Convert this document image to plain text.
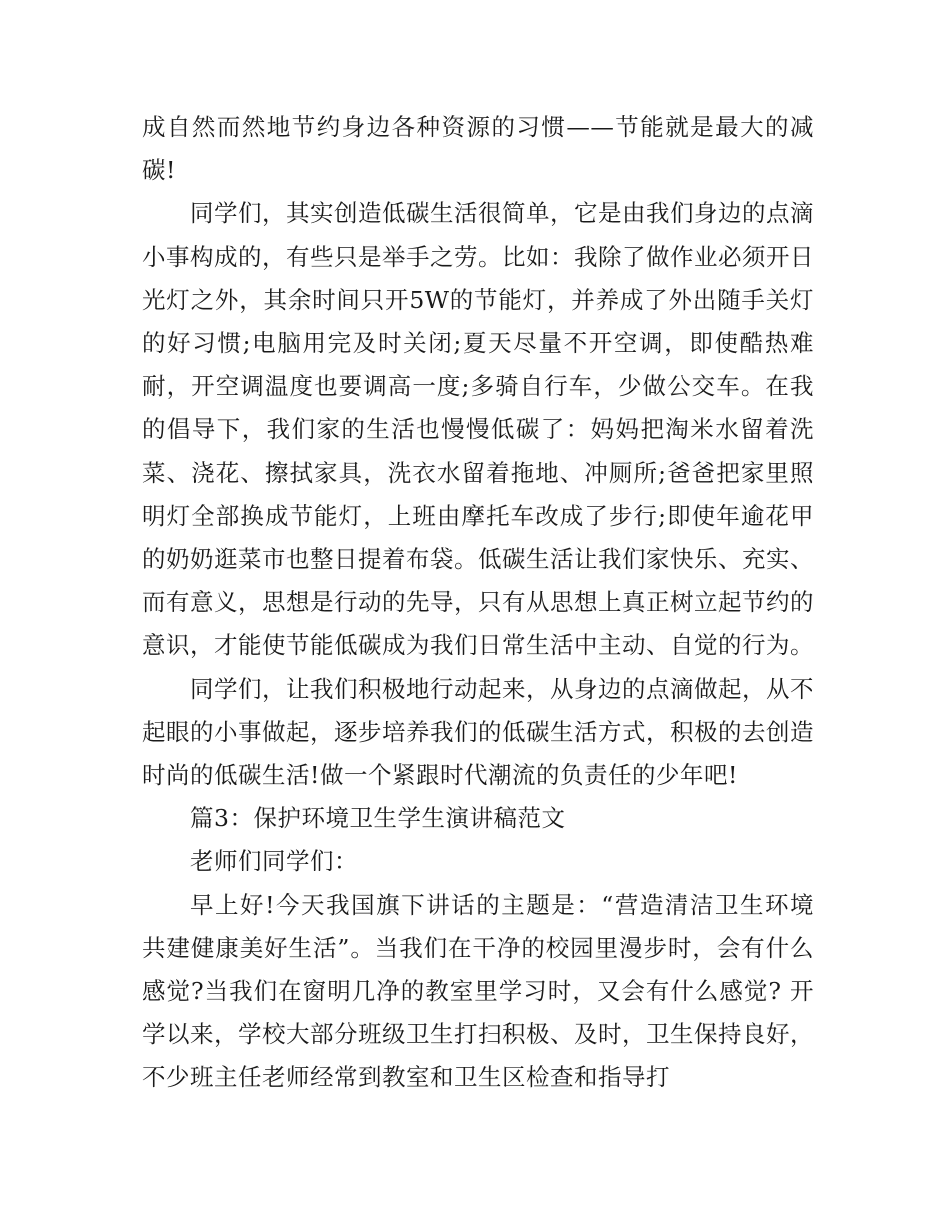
成自然而然地节约身边各种资源的习惯——节能就是最大的减碳!

同学们，其实创造低碳生活很简单，它是由我们身边的点滴小事构成的，有些只是举手之劳。比如：我除了做作业必须开日光灯之外，其余时间只开5W的节能灯，并养成了外出随手关灯的好习惯;电脑用完及时关闭;夏天尽量不开空调，即使酷热难耐，开空调温度也要调高一度;多骑自行车，少做公交车。在我的倡导下，我们家的生活也慢慢低碳了：妈妈把淘米水留着洗菜、浇花、擦拭家具，洗衣水留着拖地、冲厕所;爸爸把家里照明灯全部换成节能灯，上班由摩托车改成了步行;即使年逾花甲的奶奶逛菜市也整日提着布袋。低碳生活让我们家快乐、充实、而有意义，思想是行动的先导，只有从思想上真正树立起节约的意识，才能使节能低碳成为我们日常生活中主动、自觉的行为。

同学们，让我们积极地行动起来，从身边的点滴做起，从不起眼的小事做起，逐步培养我们的低碳生活方式，积极的去创造时尚的低碳生活!做一个紧跟时代潮流的负责任的少年吧!

篇3：保护环境卫生学生演讲稿范文

老师们同学们：

早上好!今天我国旗下讲话的主题是：“营造清洁卫生环境 共建健康美好生活”。当我们在干净的校园里漫步时，会有什么感觉?当我们在窗明几净的教室里学习时，又会有什么感觉? 开学以来，学校大部分班级卫生打扫积极、及时，卫生保持良好，不少班主任老师经常到教室和卫生区检查和指导打
